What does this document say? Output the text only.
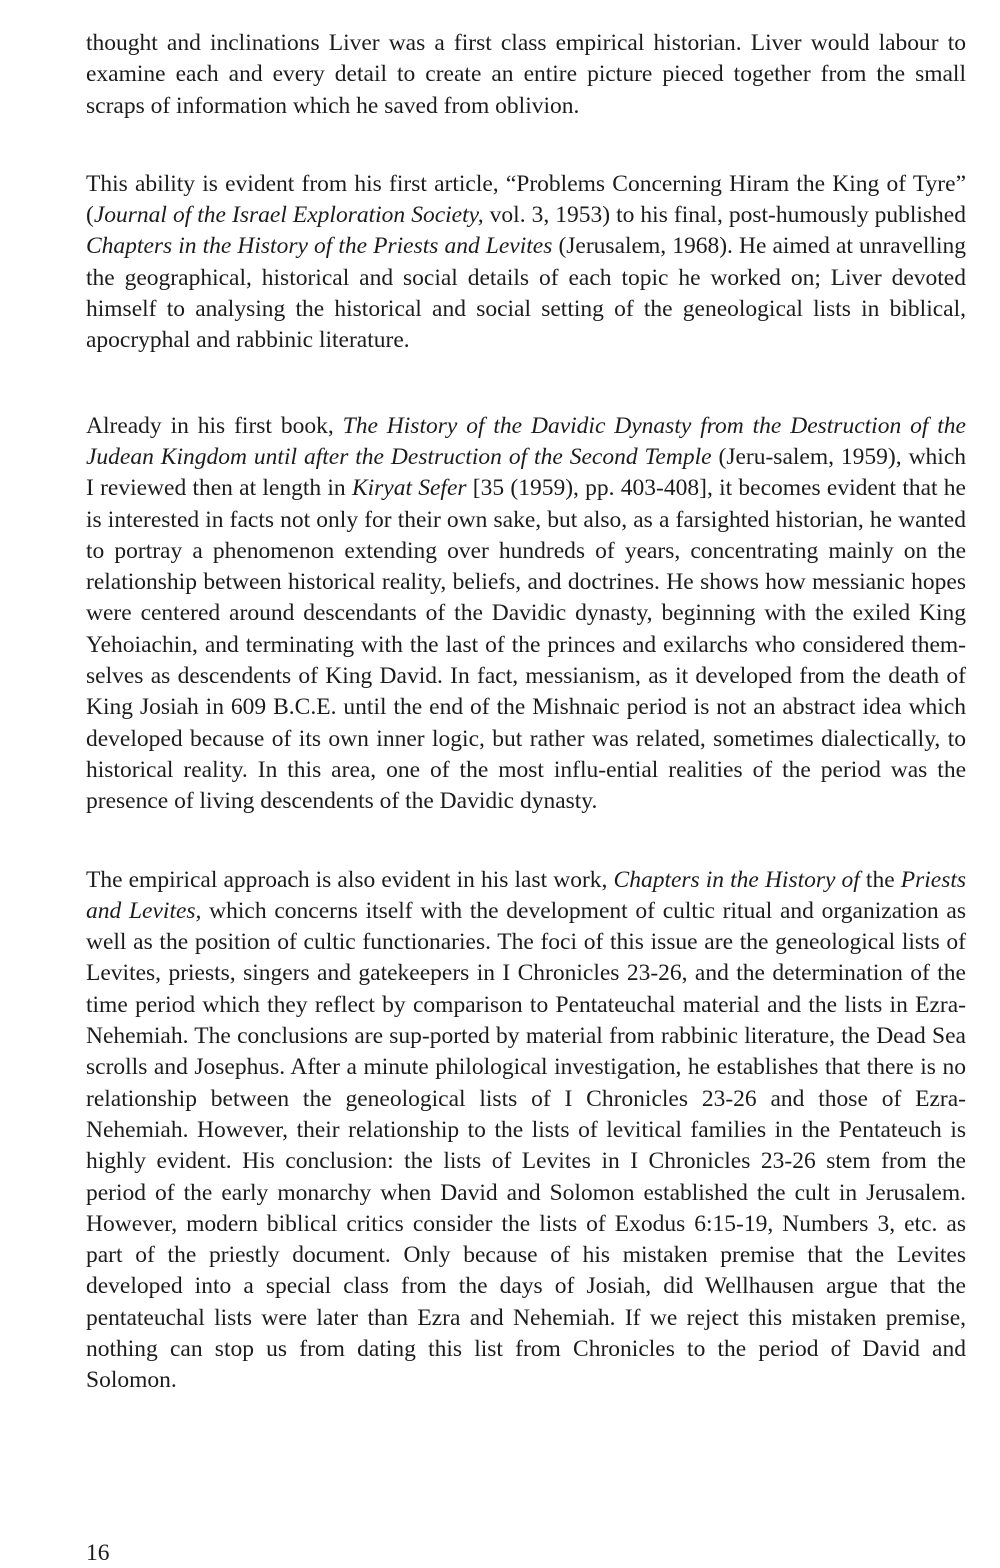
thought and inclinations Liver was a first class empirical historian. Liver would labour to examine each and every detail to create an entire picture pieced together from the small scraps of information which he saved from oblivion.

This ability is evident from his first article, “Problems Concerning Hiram the King of Tyre” (Journal of the Israel Exploration Society, vol. 3, 1953) to his final, post-humously published Chapters in the History of the Priests and Levites (Jerusalem, 1968). He aimed at unravelling the geographical, historical and social details of each topic he worked on; Liver devoted himself to analysing the historical and social setting of the geneological lists in biblical, apocryphal and rabbinic literature.

Already in his first book, The History of the Davidic Dynasty from the Destruction of the Judean Kingdom until after the Destruction of the Second Temple (Jeru-salem, 1959), which I reviewed then at length in Kiryat Sefer [35 (1959), pp. 403-408], it becomes evident that he is interested in facts not only for their own sake, but also, as a farsighted historian, he wanted to portray a phenomenon extending over hundreds of years, concentrating mainly on the relationship between historical reality, beliefs, and doctrines. He shows how messianic hopes were centered around descendants of the Davidic dynasty, beginning with the exiled King Yehoiachin, and terminating with the last of the princes and exilarchs who considered them-selves as descendents of King David. In fact, messianism, as it developed from the death of King Josiah in 609 B.C.E. until the end of the Mishnaic period is not an abstract idea which developed because of its own inner logic, but rather was related, sometimes dialectically, to historical reality. In this area, one of the most influ-ential realities of the period was the presence of living descendents of the Davidic dynasty.

The empirical approach is also evident in his last work, Chapters in the History of the Priests and Levites, which concerns itself with the development of cultic ritual and organization as well as the position of cultic functionaries. The foci of this issue are the geneological lists of Levites, priests, singers and gatekeepers in I Chronicles 23-26, and the determination of the time period which they reflect by comparison to Pentateuchal material and the lists in Ezra-Nehemiah. The conclusions are sup-ported by material from rabbinic literature, the Dead Sea scrolls and Josephus. After a minute philological investigation, he establishes that there is no relationship between the geneological lists of I Chronicles 23-26 and those of Ezra-Nehemiah. However, their relationship to the lists of levitical families in the Pentateuch is highly evident. His conclusion: the lists of Levites in I Chronicles 23-26 stem from the period of the early monarchy when David and Solomon established the cult in Jerusalem. However, modern biblical critics consider the lists of Exodus 6:15-19, Numbers 3, etc. as part of the priestly document. Only because of his mistaken premise that the Levites developed into a special class from the days of Josiah, did Wellhausen argue that the pentateuchal lists were later than Ezra and Nehemiah. If we reject this mistaken premise, nothing can stop us from dating this list from Chronicles to the period of David and Solomon.

16
